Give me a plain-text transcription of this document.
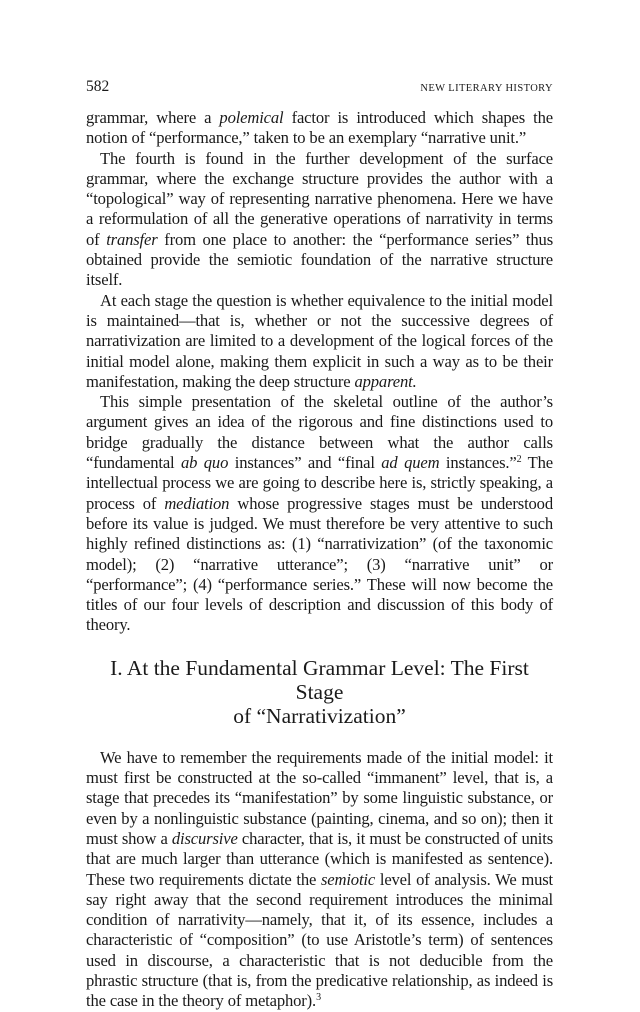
582	NEW LITERARY HISTORY

grammar, where a polemical factor is introduced which shapes the notion of “performance,” taken to be an exemplary “narrative unit.”

The fourth is found in the further development of the surface grammar, where the exchange structure provides the author with a “topological” way of representing narrative phenomena. Here we have a reformulation of all the generative operations of narrativity in terms of transfer from one place to another: the “performance series” thus obtained provide the semiotic foundation of the narrative structure itself.

At each stage the question is whether equivalence to the initial model is maintained—that is, whether or not the successive degrees of narrativization are limited to a development of the logical forces of the initial model alone, making them explicit in such a way as to be their manifestation, making the deep structure apparent.

This simple presentation of the skeletal outline of the author’s argument gives an idea of the rigorous and fine distinctions used to bridge gradually the distance between what the author calls “fundamental ab quo instances” and “final ad quem instances.”$^2$ The intellectual process we are going to describe here is, strictly speaking, a process of mediation whose progressive stages must be understood before its value is judged. We must therefore be very attentive to such highly refined distinctions as: (1) “narrativization” (of the taxonomic model); (2) “narrative utterance”; (3) “narrative unit” or “performance”; (4) “performance series.” These will now become the titles of our four levels of description and discussion of this body of theory.

I. At the Fundamental Grammar Level: The First Stage
of “Narrativization”

We have to remember the requirements made of the initial model: it must first be constructed at the so-called “immanent” level, that is, a stage that precedes its “manifestation” by some linguistic substance, or even by a nonlinguistic substance (painting, cinema, and so on); then it must show a discursive character, that is, it must be constructed of units that are much larger than utterance (which is manifested as sentence). These two requirements dictate the semiotic level of analysis. We must say right away that the second requirement introduces the minimal condition of narrativity—namely, that it, of its essence, includes a characteristic of “composition” (to use Aristotle’s term) of sentences used in discourse, a characteristic that is not deducible from the phrastic structure (that is, from the predicative relationship, as indeed is the case in the theory of metaphor).$^3$
